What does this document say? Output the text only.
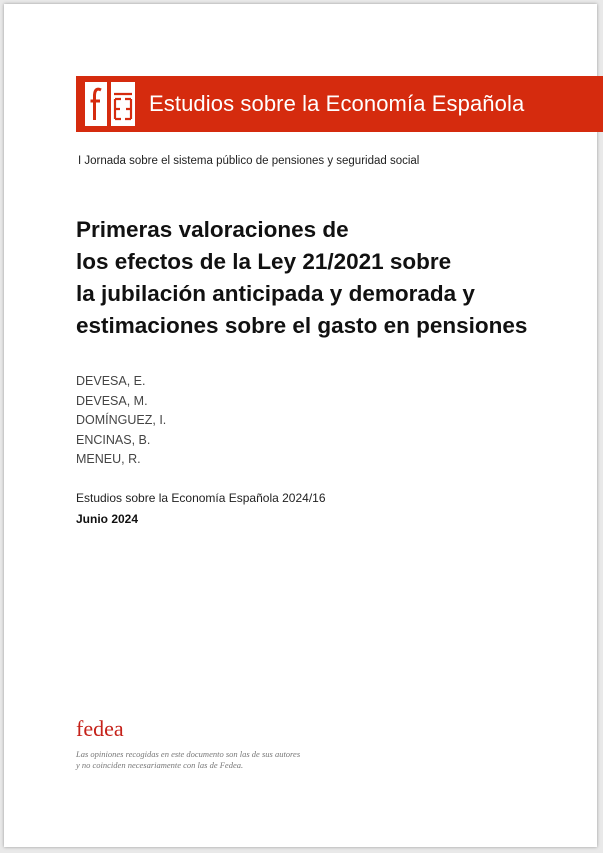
Estudios sobre la Economía Española
I Jornada sobre el sistema público de pensiones y seguridad social
Primeras valoraciones de
los efectos de la Ley 21/2021 sobre
la jubilación anticipada y demorada y
estimaciones sobre el gasto en pensiones
DEVESA, E.
DEVESA, M.
DOMÍNGUEZ, I.
ENCINAS, B.
MENEU, R.
Estudios sobre la Economía Española 2024/16
Junio 2024
fedea
Las opiniones recogidas en este documento son las de sus autores
y no coinciden necesariamente con las de Fedea.
